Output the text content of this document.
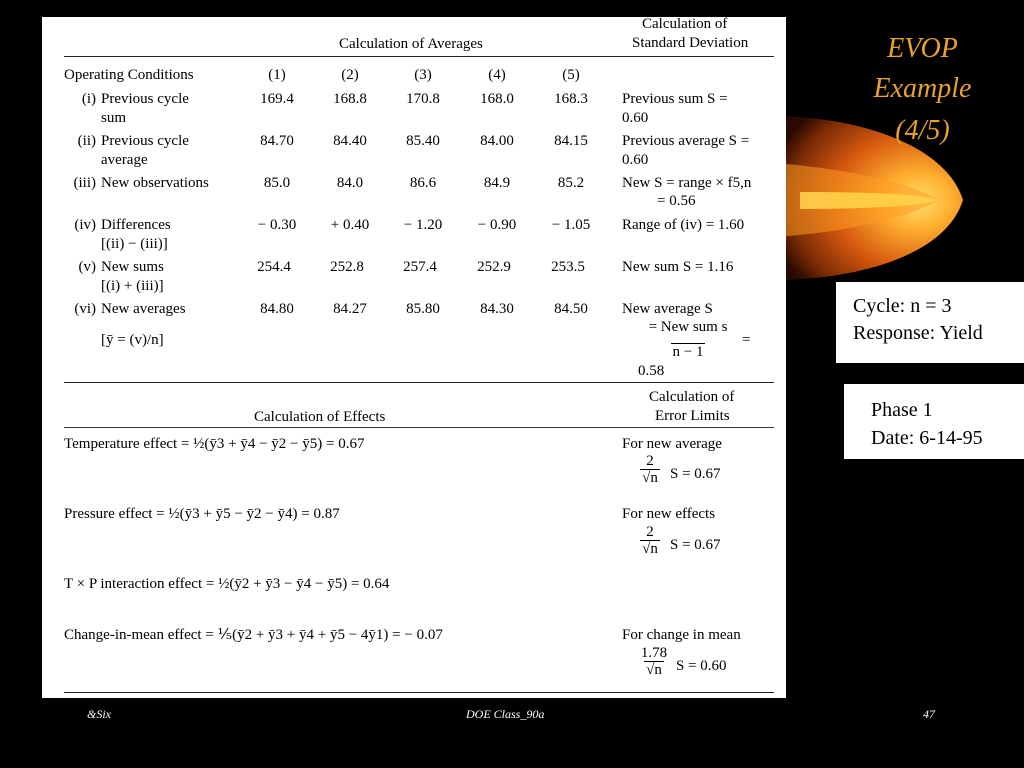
Calculation of
Standard Deviation
Calculation of Averages
Operating Conditions	(1)	(2)	(3)	(4)	(5)
(i) Previous cycle
sum
169.4	168.8	170.8	168.0	168.3	Previous sum S =
0.60
(ii) Previous cycle
average
84.70	84.40	85.40	84.00	84.15	Previous average S =
0.60
(iii) New observations	85.0	84.0	86.6	84.9	85.2	New S = range × f5,n
= 0.56
(iv) Differences
[(ii) − (iii)]
− 0.30	+ 0.40	− 1.20	− 0.90	− 1.05	Range of (iv) = 1.60
(v) New sums
[(i) + (iii)]
254.4	252.8	257.4	252.9	253.5	New sum S = 1.16
(vi) New averages
[ȳ = (v)/n]
84.80	84.27	85.80	84.30	84.50	New average S
= New sum s
n − 1
=
0.58
Calculation of
Error Limits
Calculation of Effects
Temperature effect = ½(ȳ3 + ȳ4 − ȳ2 − ȳ5) = 0.67	For new average
$\frac{2}{√n}$ S = 0.67
Pressure effect = ½(ȳ3 + ȳ5 − ȳ2 − ȳ4) = 0.87	For new effects
$\frac{2}{√n}$ S = 0.67
T × P interaction effect = ½(ȳ2 + ȳ3 − ȳ4 − ȳ5) = 0.64
Change-in-mean effect = ⅕(ȳ2 + ȳ3 + ȳ4 + ȳ5 − 4ȳ1) = − 0.07	For change in mean
$\frac{1.78}{√n}$ S = 0.60
EVOP
Example
(4/5)
Cycle: n = 3
Response: Yield
Phase 1
Date: 6-14-95
&Six	DOE Class_90a	47
